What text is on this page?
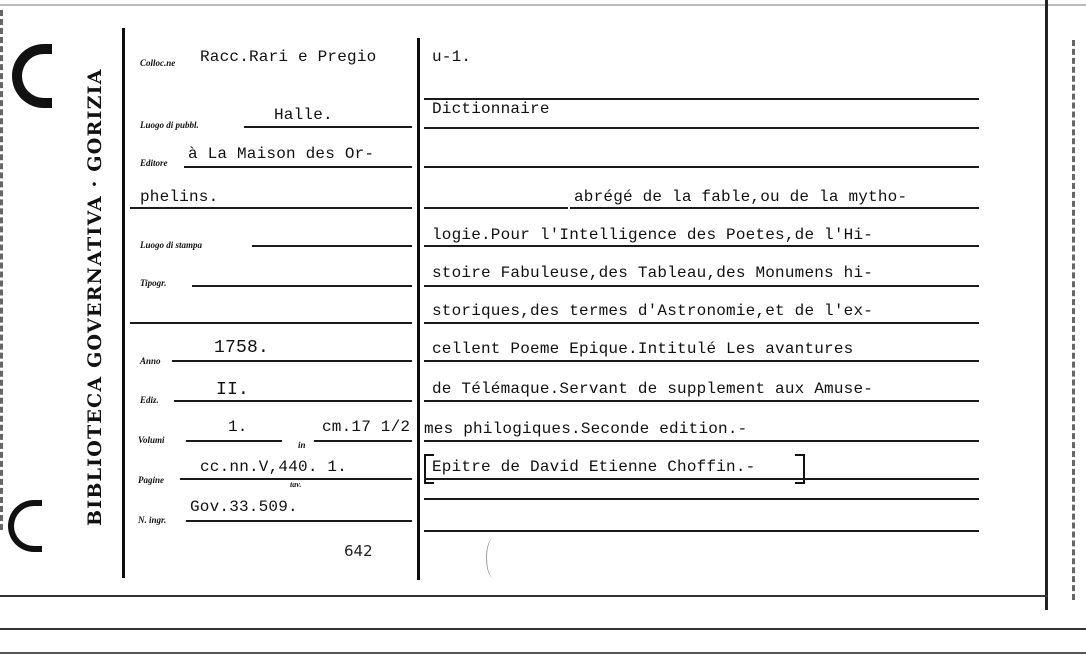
BIBLIOTECA GOVERNATIVA · GORIZIA
Colloc.ne Racc.Rari e Pregio
Luogo di pubbl.
Halle.
Editore à La Maison des Or-
phelins.
Luogo di stampa
Tipogr.
Anno
1758.
Ediz.	II.
Volumi
1.
in
cm.17 1/2
Pagine
cc.nn.V,440. 1.
tav.
N. ingr.
Gov.33.509.
642
u-1.
Dictionnaire
abrégé de la fable,ou de la mytho-
logie.Pour l'Intelligence des Poetes,de l'Hi-
stoire Fabuleuse,des Tableau,des Monumens hi-
storiques,des termes d'Astronomie,et de l'ex-
cellent Poeme Epique.Intitulé Les avantures
de Télémaque.Servant de supplement aux Amuse-
mes philogiques.Seconde edition.-
Epitre de David Etienne Choffin.-
